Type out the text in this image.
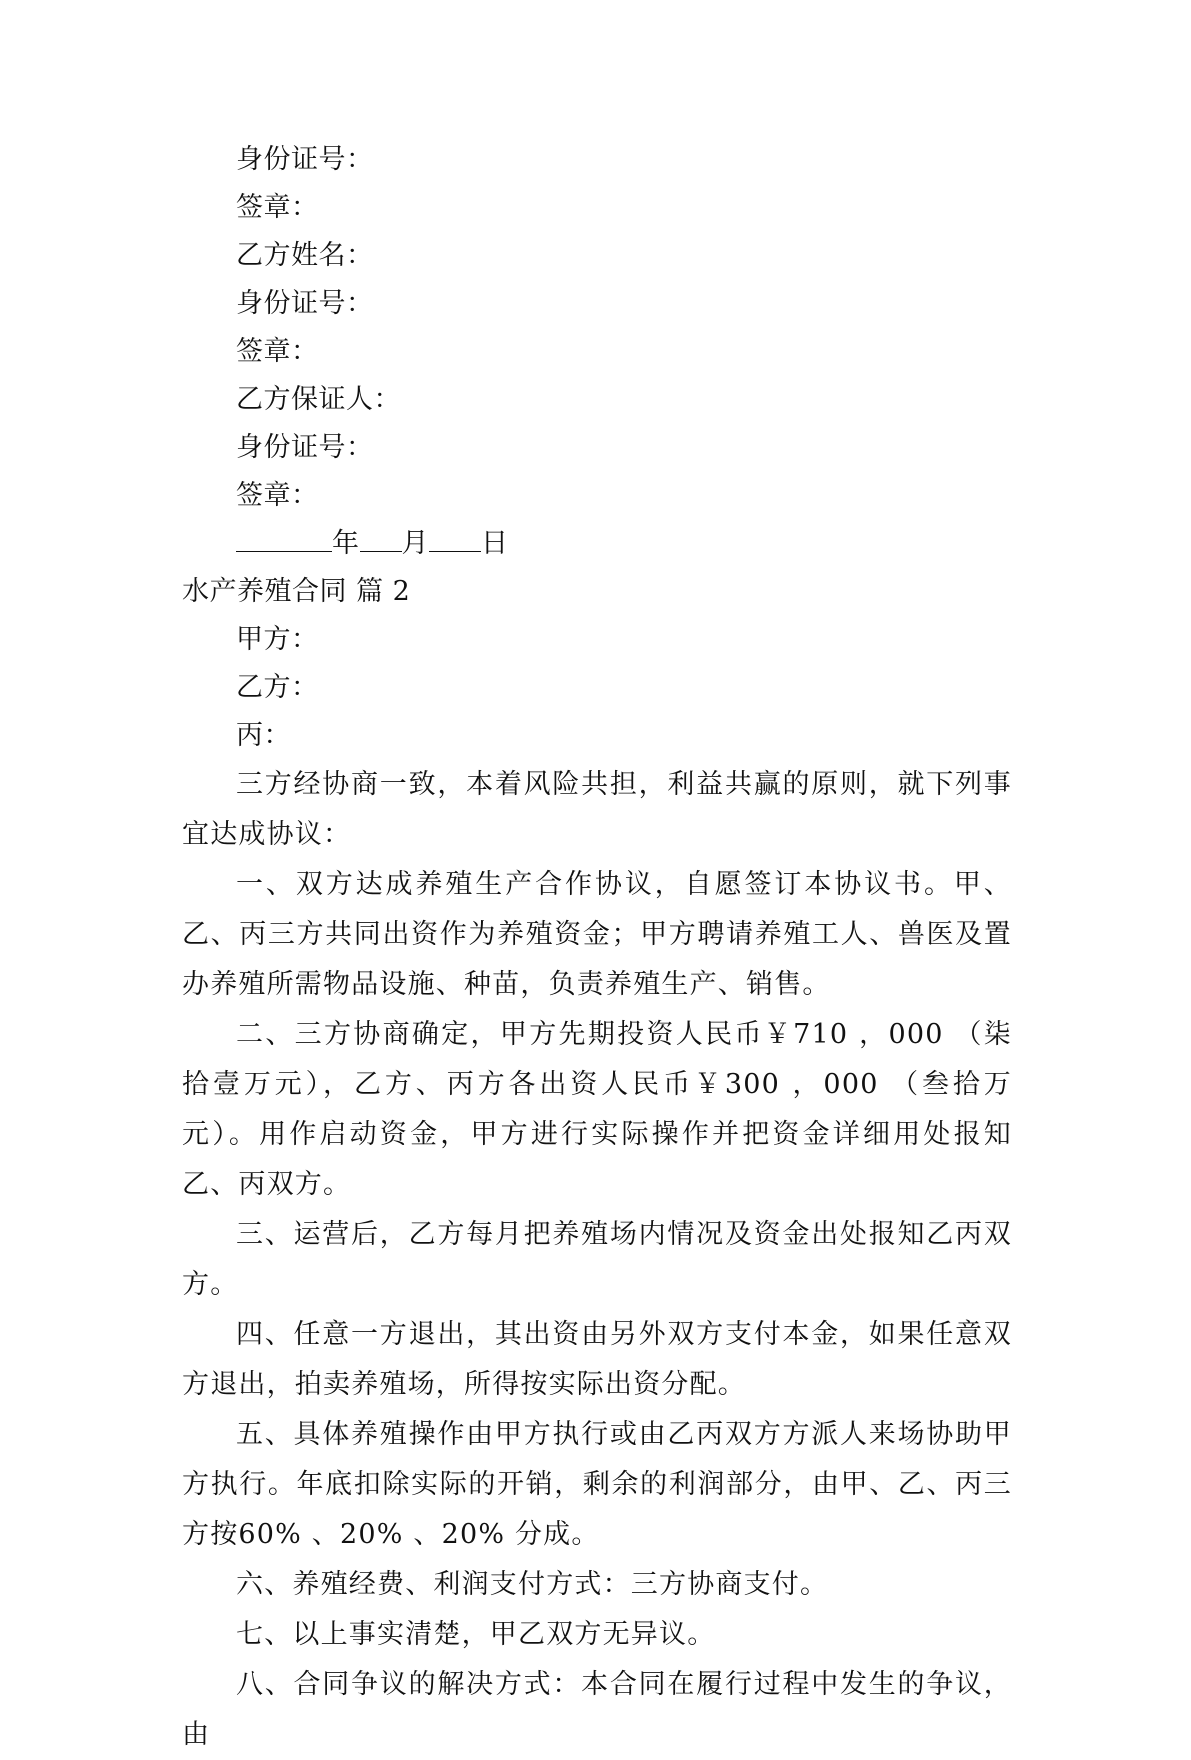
身份证号：
签章：
乙方姓名：
身份证号：
签章：
乙方保证人：
身份证号：
签章：
年 月 日
水产养殖合同 篇 2
甲方：
乙方：
丙：

三方经协商一致，本着风险共担，利益共赢的原则，就下列事宜达成协议：

一、双方达成养殖生产合作协议，自愿签订本协议书。甲、乙、丙三方共同出资作为养殖资金；甲方聘请养殖工人、兽医及置办养殖所需物品设施、种苗，负责养殖生产、销售。

二、三方协商确定，甲方先期投资人民币￥710 ，000 （柒拾壹万元），乙方、丙方各出资人民币￥300 ，000 （叁拾万元）。用作启动资金，甲方进行实际操作并把资金详细用处报知乙、丙双方。

三、运营后，乙方每月把养殖场内情况及资金出处报知乙丙双方。

四、任意一方退出，其出资由另外双方支付本金，如果任意双方退出，拍卖养殖场，所得按实际出资分配。

五、具体养殖操作由甲方执行或由乙丙双方方派人来场协助甲方执行。年底扣除实际的开销，剩余的利润部分，由甲、乙、丙三方按60% 、20% 、20% 分成。

六、养殖经费、利润支付方式：三方协商支付。

七、以上事实清楚，甲乙双方无异议。

八、合同争议的解决方式：本合同在履行过程中发生的争议，由
